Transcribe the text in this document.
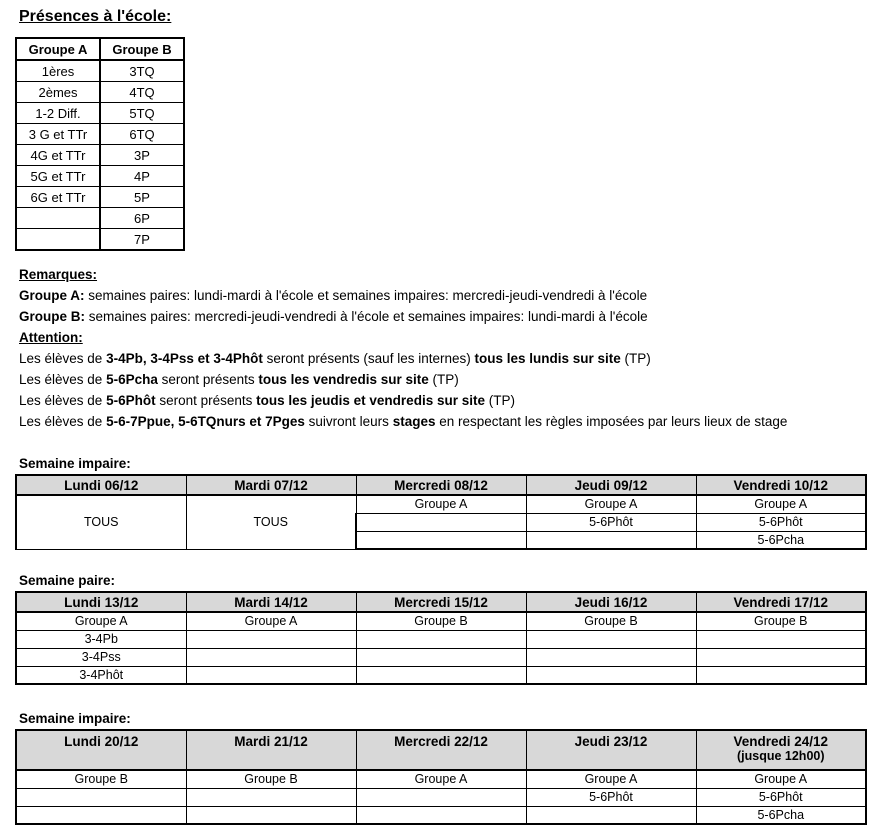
Présences à l'école:
Groupe A	Groupe B
1ères	3TQ
2èmes	4TQ
1-2 Diff.	5TQ
3 G et TTr	6TQ
4G et TTr	3P
5G et TTr	4P
6G et TTr	5P
	6P
	7P
Remarques:
Groupe A: semaines paires: lundi-mardi à l'école et semaines impaires: mercredi-jeudi-vendredi à l'école
Groupe B: semaines paires: mercredi-jeudi-vendredi à l'école et semaines impaires: lundi-mardi à l'école
Attention:
Les élèves de 3-4Pb, 3-4Pss et 3-4Phôt seront présents (sauf les internes) tous les lundis sur site (TP)
Les élèves de 5-6Pcha seront présents tous les vendredis sur site (TP)
Les élèves de 5-6Phôt seront présents tous les jeudis et vendredis sur site (TP)
Les élèves de 5-6-7Ppue, 5-6TQnurs et 7Pges suivront leurs stages en respectant les règles imposées par leurs lieux de stage
Semaine impaire:
Lundi 06/12	Mardi 07/12	Mercredi 08/12	Jeudi 09/12	Vendredi 10/12
TOUS	TOUS	Groupe A	Groupe A	Groupe A
			5-6Phôt	5-6Phôt
				5-6Pcha
Semaine paire:
Lundi 13/12	Mardi 14/12	Mercredi 15/12	Jeudi 16/12	Vendredi 17/12
Groupe A	Groupe A	Groupe B	Groupe B	Groupe B
3-4Pb				
3-4Pss				
3-4Phôt				
Semaine impaire:
Lundi 20/12	Mardi 21/12	Mercredi 22/12	Jeudi 23/12	Vendredi 24/12
(jusque 12h00)

Groupe B	Groupe B	Groupe A	Groupe A	Groupe A
			5-6Phôt	5-6Phôt
				5-6Pcha
